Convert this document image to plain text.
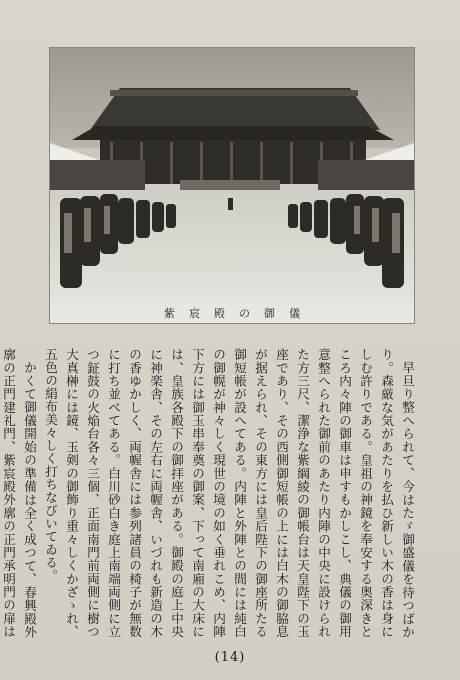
紫宸殿の御儀

早旦り整へられて、今はたゞ御盛儀を待つばかり。森厳な気があたりを払ひ新しい木の香は身にしむ許りである。皇祖の神鏡を奉安する奥深きところ内々陣の御車は申すもかしこし、典儀の御用意整へられた御前のあたり内陣の中央に設けられた方三尺、潔浄な紫綱綾の御帳台は天皇陛下の玉座であり、その西側御短帳の上には白木の御脇息が据えられ、その東方には皇后陛下の御座所たる御短帳が設へてある。内陣と外陣との間には純白の御幌が神々しく現世の境の如く垂れこめ、内陣下方には御玉串奉奠の御案、下って南廂の大床には、皇族各殿下の御拝座がある。御殿の庭上中央に神楽舎、その左右に両幄舎、いづれも新造の木の香ゆかしく、両幄舎には参列諸員の椅子が無数に打ち並べてある。白川砂白き庭上南端両側に立つ鉦鼓の火焔台各々三個、正面南門前両側に樹つ大真榊には鏡、玉剣の御飾り重々しくかざゝれ、五色の絹布美々しく打ちなびいてゐる。

かくて御儀開始の準備は全く成つて、春興殿外廓の正門建礼門、紫宸殿外廓の正門承明門の扉は

(14)
